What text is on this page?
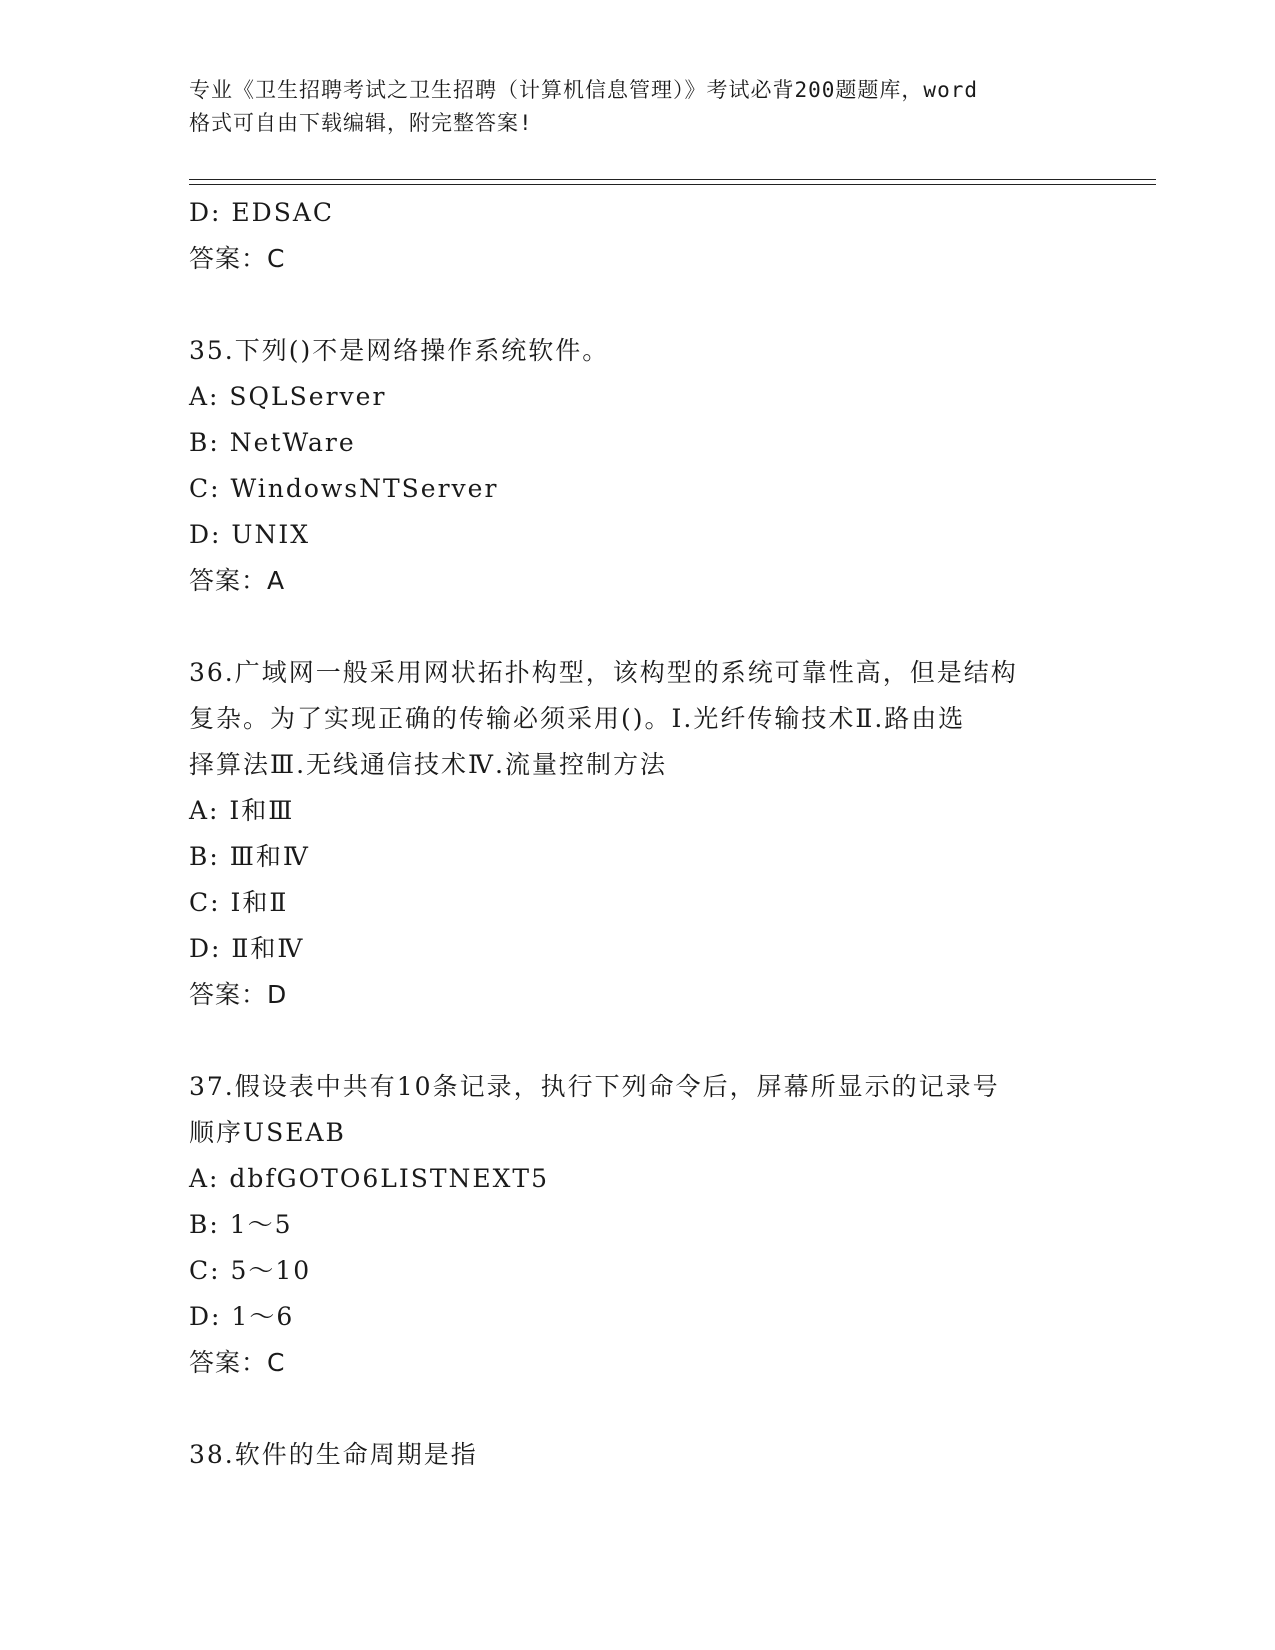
专业《卫生招聘考试之卫生招聘（计算机信息管理）》考试必背200题题库，word
格式可自由下载编辑，附完整答案!
D: EDSAC
答案：C
35.下列()不是网络操作系统软件。
A: SQLServer
B: NetWare
C: WindowsNTServer
D: UNIX
答案：A
36.广域网一般采用网状拓扑构型，该构型的系统可靠性高，但是结构
复杂。为了实现正确的传输必须采用()。Ⅰ.光纤传输技术Ⅱ.路由选
择算法Ⅲ.无线通信技术Ⅳ.流量控制方法
A: Ⅰ和Ⅲ
B: Ⅲ和Ⅳ
C: Ⅰ和Ⅱ
D: Ⅱ和Ⅳ
答案：D
37.假设表中共有10条记录，执行下列命令后，屏幕所显示的记录号
顺序USEAB
A: dbfGOTO6LISTNEXT5
B: 1～5
C: 5～10
D: 1～6
答案：C
38.软件的生命周期是指
